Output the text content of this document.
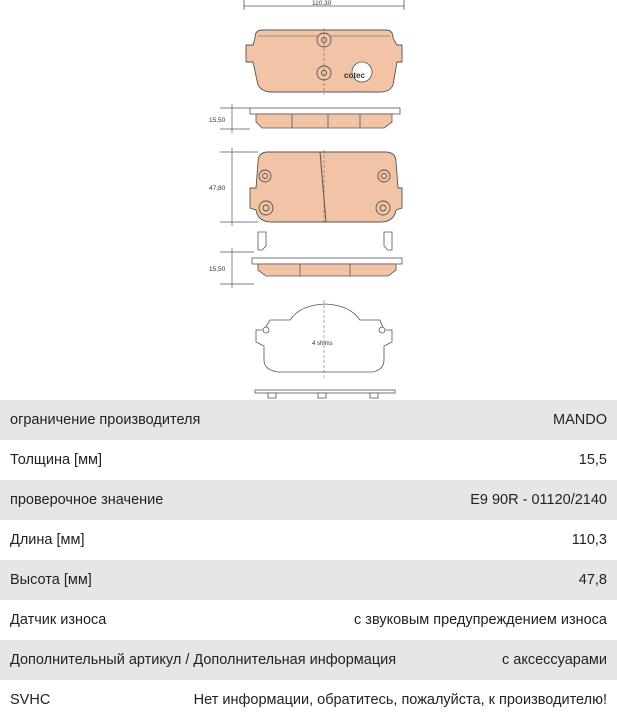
110,30
cotec
15,50
47,80
15,50
4 shims
ограничение производителя	MANDO
Толщина [мм]	15,5
проверочное значение	E9 90R - 01120/2140
Длина [мм]	110,3
Высота [мм]	47,8
Датчик износа	с звуковым предупреждением износа
Дополнительный артикул / Дополнительная информация	с аксессуарами
SVHC	Нет информации, обратитесь, пожалуйста, к производителю!
